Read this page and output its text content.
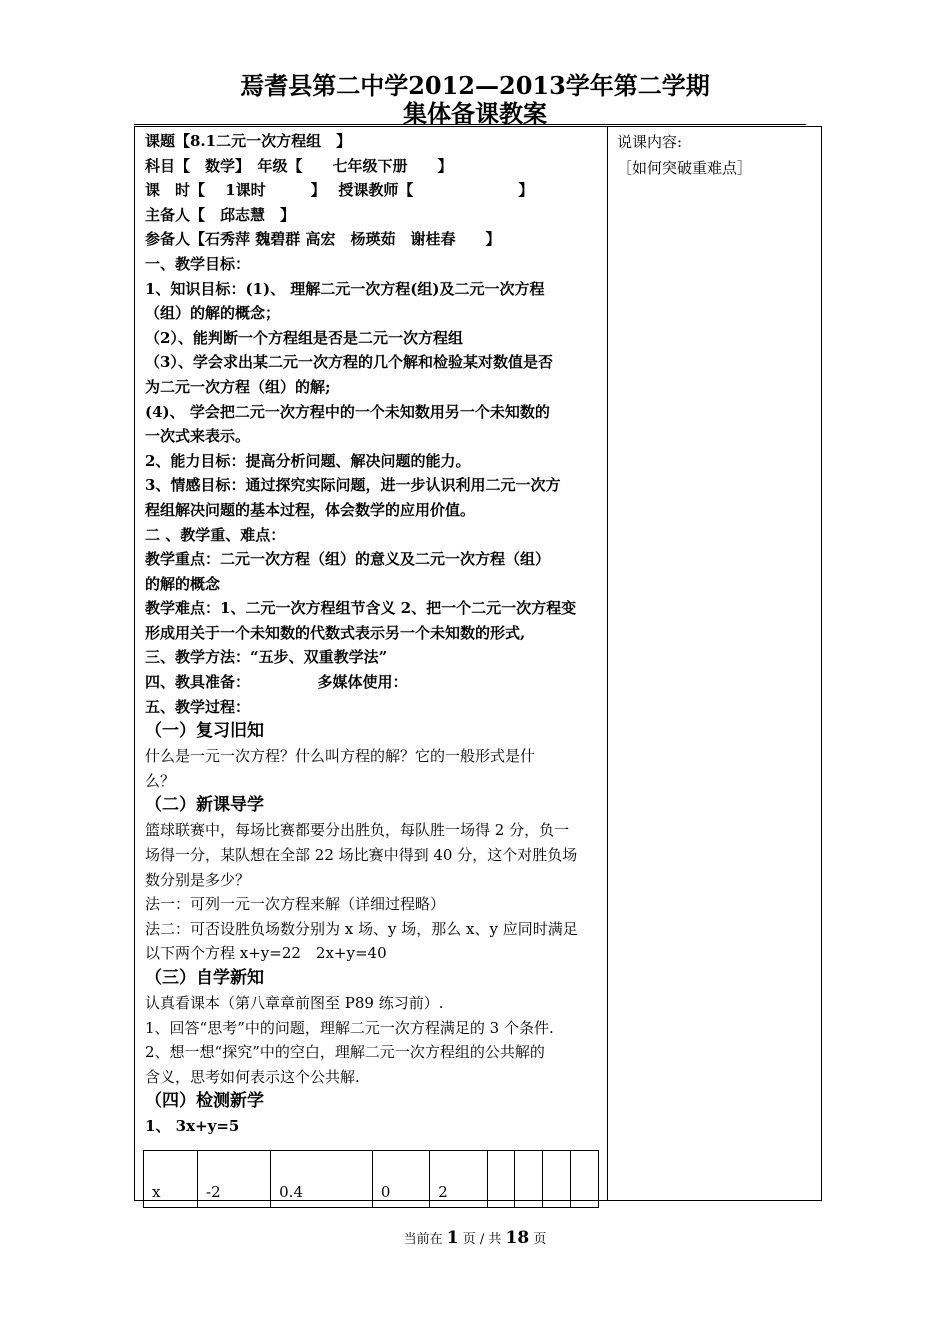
焉耆县第二中学2012—2013学年第二学期
集体备课教案
课题【8.1二元一次方程组　】
科目【　数学】　年级【　　七年级下册　　】
课　时【　 1课时　　　】　 授课教师【　　　　　　　】
主备人【　邱志慧　】
参备人【石秀萍 魏碧群 高宏　杨瑛茹　谢桂春　　】
一、教学目标：
1、知识目标：(1)、 理解二元一次方程(组)及二元一次方程
（组）的解的概念；
（2）、能判断一个方程组是否是二元一次方程组
（3）、学会求出某二元一次方程的几个解和检验某对数值是否
为二元一次方程（组）的解;
(4)、 学会把二元一次方程中的一个未知数用另一个未知数的
一次式来表示。
2、能力目标：提高分析问题、解决问题的能力。
3、情感目标：通过探究实际问题，进一步认识利用二元一次方
程组解决问题的基本过程，体会数学的应用价值。
二 、教学重、难点：
教学重点：二元一次方程（组）的意义及二元一次方程（组）
的解的概念
教学难点：1、二元一次方程组节含义 2、把一个二元一次方程变
形成用关于一个未知数的代数式表示另一个未知数的形式,
三、教学方法：“五步、双重教学法”
四、教具准备：　　　　　多媒体使用：
五、教学过程：
（一）复习旧知
什么是一元一次方程？什么叫方程的解？它的一般形式是什
么？
（二）新课导学
篮球联赛中，每场比赛都要分出胜负，每队胜一场得 2 分，负一
场得一分，某队想在全部 22 场比赛中得到 40 分，这个对胜负场
数分别是多少？
法一：可列一元一次方程来解（详细过程略）
法二：可否设胜负场数分别为 x 场、y 场，那么 x、y 应同时满足
以下两个方程 x+y=22　2x+y=40
（三）自学新知
认真看课本（第八章章前图至 P89 练习前）.
1、回答“思考”中的问题，理解二元一次方程满足的 3 个条件.
2、想一想“探究”中的空白，理解二元一次方程组的公共解的
含义，思考如何表示这个公共解.
（四）检测新学
1、 3x+y=5
说课内容:
［如何突破重难点］
x	-2	0.4	0	2				
当前在 1 页 / 共 18 页
